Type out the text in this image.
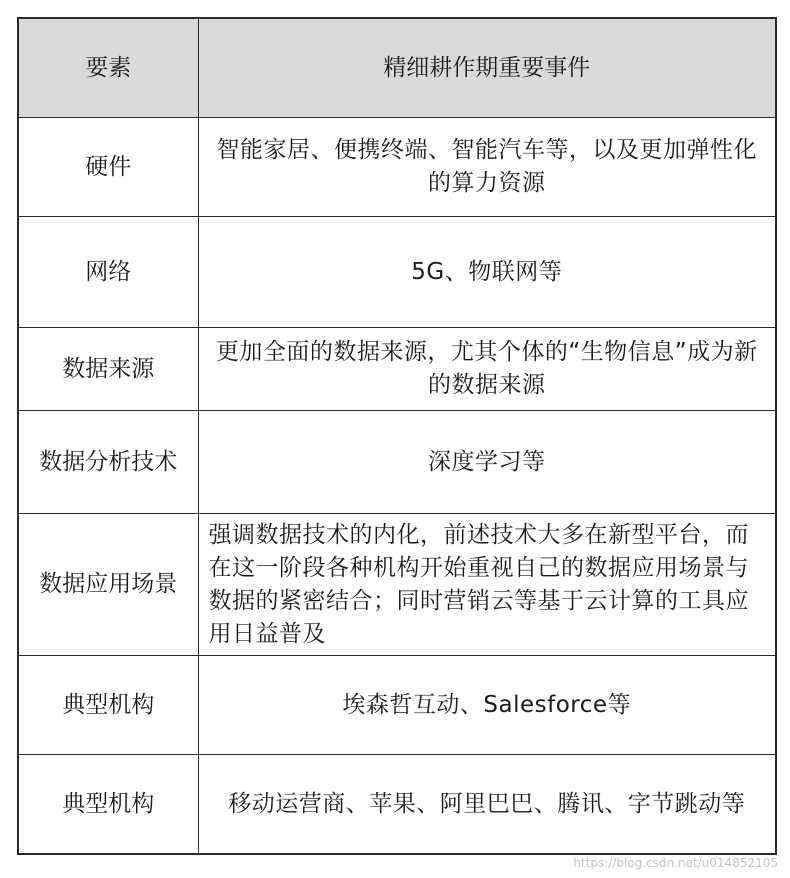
要素	精细耕作期重要事件
硬件	智能家居、便携终端、智能汽车等，以及更加弹性化的算力资源
网络	5G、物联网等
数据来源	更加全面的数据来源，尤其个体的“生物信息”成为新的数据来源
数据分析技术	深度学习等
数据应用场景	强调数据技术的内化，前述技术大多在新型平台，而在这一阶段各种机构开始重视自己的数据应用场景与数据的紧密结合；同时营销云等基于云计算的工具应用日益普及
典型机构	埃森哲互动、Salesforce等
典型机构	移动运营商、苹果、阿里巴巴、腾讯、字节跳动等
https://blog.csdn.net/u014852105
